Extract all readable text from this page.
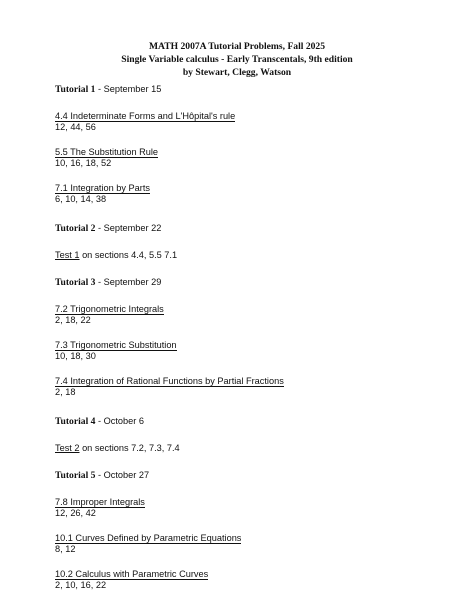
MATH 2007A Tutorial Problems, Fall 2025
Single Variable calculus - Early Transcentals, 9th edition
by Stewart, Clegg, Watson
Tutorial 1 - September 15
4.4 Indeterminate Forms and L'Hôpital's rule
12, 44, 56
5.5 The Substitution Rule
10, 16, 18, 52
7.1 Integration by Parts
6, 10, 14, 38
Tutorial 2 - September 22
Test 1 on sections 4.4, 5.5 7.1
Tutorial 3 - September 29
7.2 Trigonometric Integrals
2, 18, 22
7.3 Trigonometric Substitution
10, 18, 30
7.4 Integration of Rational Functions by Partial Fractions
2, 18
Tutorial 4 - October 6
Test 2 on sections 7.2, 7.3, 7.4
Tutorial 5 - October 27
7.8 Improper Integrals
12, 26, 42
10.1 Curves Defined by Parametric Equations
8, 12
10.2 Calculus with Parametric Curves
2, 10, 16, 22
